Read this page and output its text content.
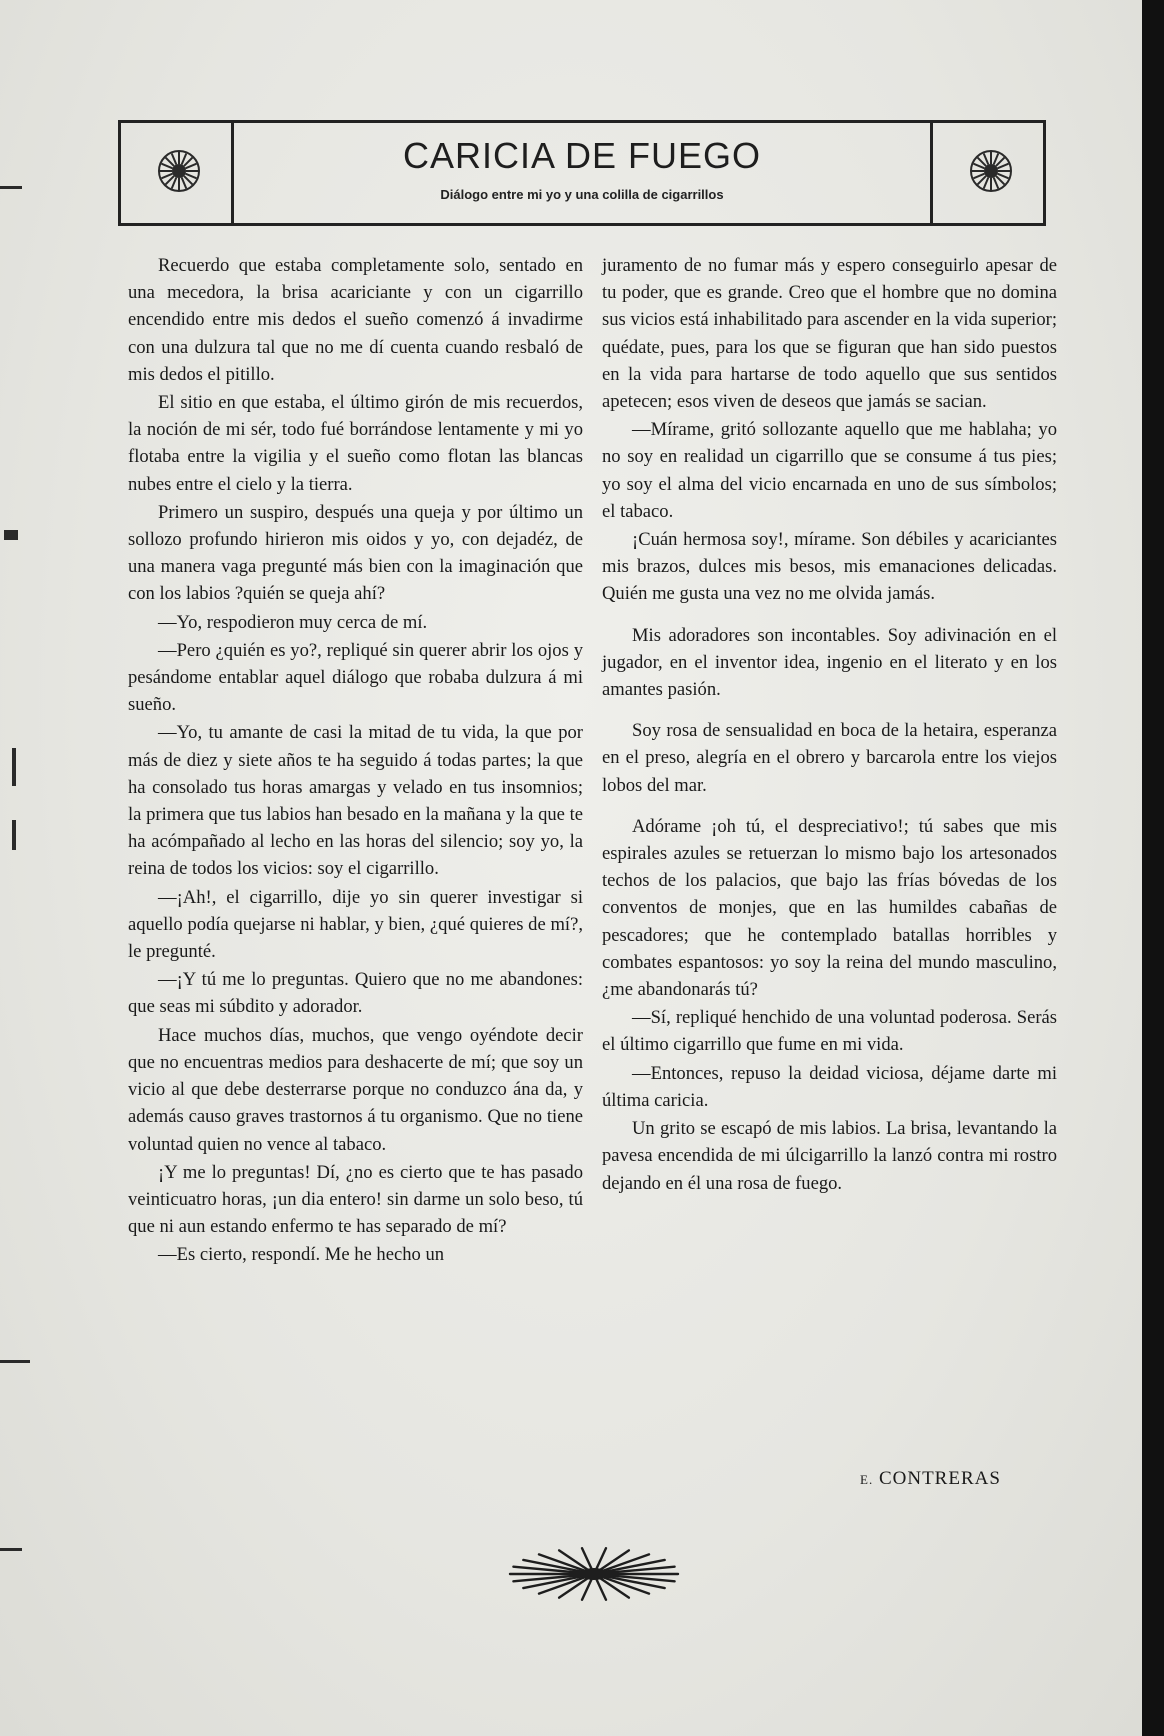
CARICIA DE FUEGO
Diálogo entre mi yo y una colilla de cigarrillos

Recuerdo que estaba completamente solo, sentado en una mecedora, la brisa acariciante y con un cigarrillo encendido entre mis dedos el sueño comenzó á invadirme con una dulzura tal que no me dí cuenta cuando resbaló de mis dedos el pitillo.

El sitio en que estaba, el último girón de mis recuerdos, la noción de mi sér, todo fué borrándose lentamente y mi yo flotaba entre la vigilia y el sueño como flotan las blancas nubes entre el cielo y la tierra.

Primero un suspiro, después una queja y por último un sollozo profundo hirieron mis oidos y yo, con dejadéz, de una manera vaga pregunté más bien con la imaginación que con los labios ?quién se queja ahí?

—Yo, respodieron muy cerca de mí.

—Pero ¿quién es yo?, repliqué sin querer abrir los ojos y pesándome entablar aquel diálogo que robaba dulzura á mi sueño.

—Yo, tu amante de casi la mitad de tu vida, la que por más de diez y siete años te ha seguido á todas partes; la que ha consolado tus horas amargas y velado en tus insomnios; la primera que tus labios han besado en la mañana y la que te ha acómpañado al lecho en las horas del silencio; soy yo, la reina de todos los vicios: soy el cigarrillo.

—¡Ah!, el cigarrillo, dije yo sin querer investigar si aquello podía quejarse ni hablar, y bien, ¿qué quieres de mí?, le pregunté.

—¡Y tú me lo preguntas. Quiero que no me abandones: que seas mi súbdito y adorador.

Hace muchos días, muchos, que vengo oyéndote decir que no encuentras medios para deshacerte de mí; que soy un vicio al que debe desterrarse porque no conduzco ána da, y además causo graves trastornos á tu organismo. Que no tiene voluntad quien no vence al tabaco.

¡Y me lo preguntas! Dí, ¿no es cierto que te has pasado veinticuatro horas, ¡un dia entero! sin darme un solo beso, tú que ni aun estando enfermo te has separado de mí?

—Es cierto, respondí. Me he hecho un

juramento de no fumar más y espero conseguirlo apesar de tu poder, que es grande. Creo que el hombre que no domina sus vicios está inhabilitado para ascender en la vida superior; quédate, pues, para los que se figuran que han sido puestos en la vida para hartarse de todo aquello que sus sentidos apetecen; esos viven de deseos que jamás se sacian.

—Mírame, gritó sollozante aquello que me hablaha; yo no soy en realidad un cigarrillo que se consume á tus pies; yo soy el alma del vicio encarnada en uno de sus símbolos; el tabaco.

¡Cuán hermosa soy!, mírame. Son débiles y acariciantes mis brazos, dulces mis besos, mis emanaciones delicadas. Quién me gusta una vez no me olvida jamás.

Mis adoradores son incontables. Soy adivinación en el jugador, en el inventor idea, ingenio en el literato y en los amantes pasión.

Soy rosa de sensualidad en boca de la hetaira, esperanza en el preso, alegría en el obrero y barcarola entre los viejos lobos del mar.

Adórame ¡oh tú, el despreciativo!; tú sabes que mis espirales azules se retuerzan lo mismo bajo los artesonados techos de los palacios, que bajo las frías bóvedas de los conventos de monjes, que en las humildes cabañas de pescadores; que he contemplado batallas horribles y combates espantosos: yo soy la reina del mundo masculino, ¿me abandonarás tú?

—Sí, repliqué henchido de una voluntad poderosa. Serás el último cigarrillo que fume en mi vida.

—Entonces, repuso la deidad viciosa, déjame darte mi última caricia.

Un grito se escapó de mis labios. La brisa, levantando la pavesa encendida de mi úlcigarrillo la lanzó contra mi rostro dejando en él una rosa de fuego.

E. CONTRERAS
